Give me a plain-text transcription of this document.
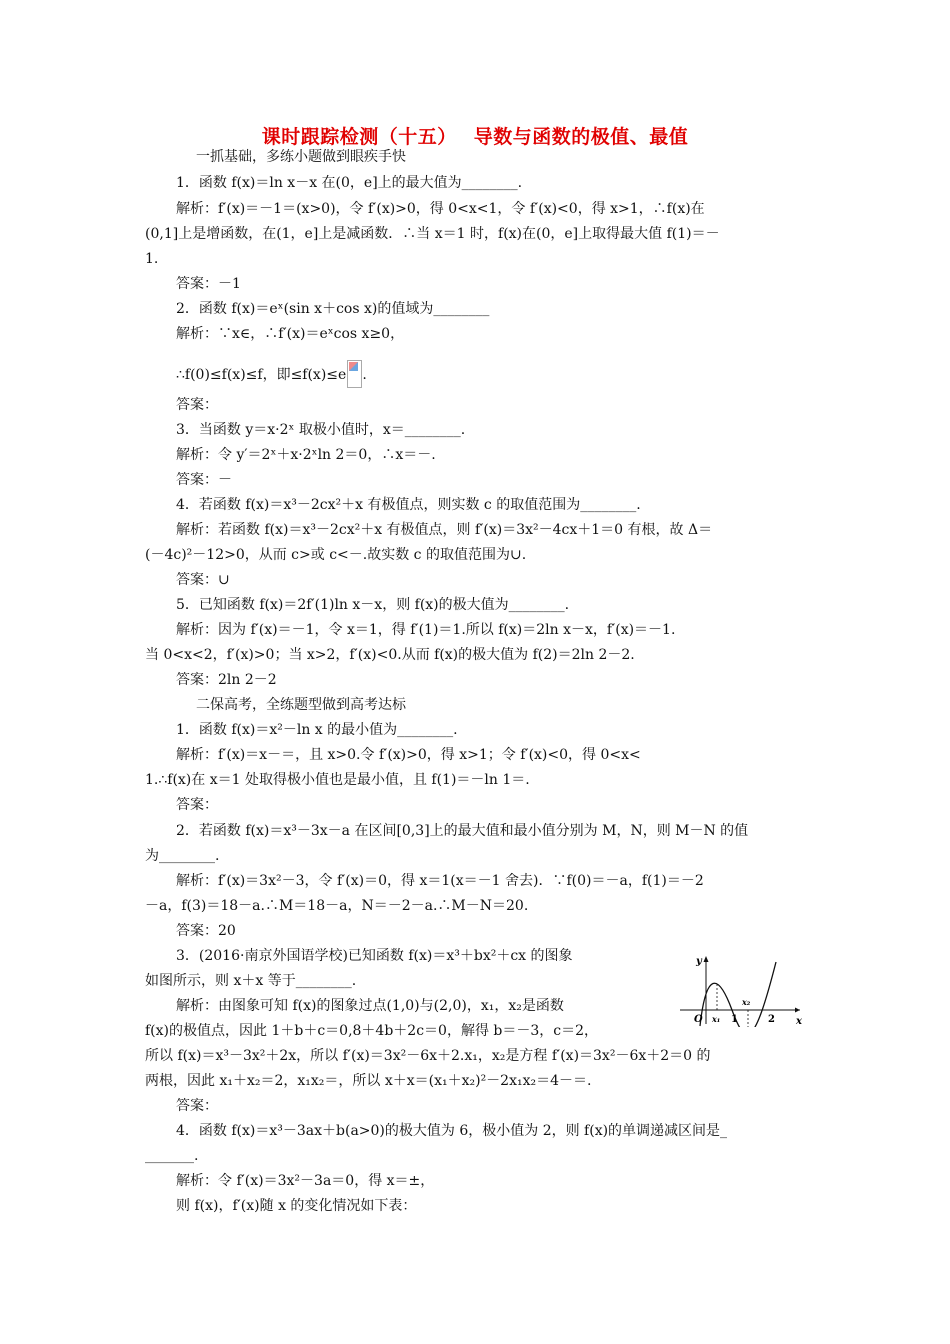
课时跟踪检测（十五）　 导数与函数的极值、最值
一抓基础，多练小题做到眼疾手快
1．函数 f(x)＝ln x－x 在(0，e]上的最大值为________.
解析：f′(x)＝－1＝(x>0)，令 f′(x)>0，得 0<x<1，令 f′(x)<0，得 x>1，∴f(x)在
(0,1]上是增函数，在(1，e]上是减函数．∴当 x＝1 时，f(x)在(0，e]上取得最大值 f(1)＝－
1.
答案：－1
2．函数 f(x)＝eˣ(sin x＋cos x)的值域为________
解析：∵x∈，∴f′(x)＝eˣcos x≥0，
∴f(0)≤f(x)≤f，即≤f(x)≤e .
答案：
3．当函数 y＝x·2ˣ 取极小值时，x＝________.
解析：令 y′＝2ˣ＋x·2ˣln 2＝0，∴x＝－.
答案：－
4．若函数 f(x)＝x³－2cx²＋x 有极值点，则实数 c 的取值范围为________.
解析：若函数 f(x)＝x³－2cx²＋x 有极值点，则 f′(x)＝3x²－4cx＋1＝0 有根，故 Δ＝
(－4c)²－12>0，从而 c>或 c<－.故实数 c 的取值范围为∪.
答案：∪
5．已知函数 f(x)＝2f′(1)ln x－x，则 f(x)的极大值为________.
解析：因为 f′(x)＝－1，令 x＝1，得 f′(1)＝1.所以 f(x)＝2ln x－x，f′(x)＝－1.
当 0<x<2，f′(x)>0；当 x>2，f′(x)<0.从而 f(x)的极大值为 f(2)＝2ln 2－2.
答案：2ln 2－2
二保高考，全练题型做到高考达标
1．函数 f(x)＝x²－ln x 的最小值为________.
解析：f′(x)＝x－＝，且 x>0.令 f′(x)>0，得 x>1；令 f′(x)<0，得 0<x<
1.∴f(x)在 x＝1 处取得极小值也是最小值，且 f(1)＝－ln 1＝.
答案：
2．若函数 f(x)＝x³－3x－a 在区间[0,3]上的最大值和最小值分别为 M，N，则 M－N 的值
为________.
解析：f′(x)＝3x²－3，令 f′(x)＝0，得 x＝1(x＝－1 舍去)．∵f(0)＝－a，f(1)＝－2
－a，f(3)＝18－a.∴M＝18－a，N＝－2－a.∴M－N＝20.
答案：20
3．(2016·南京外国语学校)已知函数 f(x)＝x³＋bx²＋cx 的图象
如图所示，则 x＋x 等于________.
解析：由图象可知 f(x)的图象过点(1,0)与(2,0)，x₁，x₂是函数
f(x)的极值点，因此 1＋b＋c＝0,8＋4b＋2c＝0，解得 b＝－3，c＝2，
所以 f(x)＝x³－3x²＋2x，所以 f′(x)＝3x²－6x＋2.x₁，x₂是方程 f′(x)＝3x²－6x＋2＝0 的
两根，因此 x₁＋x₂＝2，x₁x₂＝，所以 x＋x＝(x₁＋x₂)²－2x₁x₂＝4－＝.
答案：
4．函数 f(x)＝x³－3ax＋b(a>0)的极大值为 6，极小值为 2，则 f(x)的单调递减区间是_
_______.
解析：令 f′(x)＝3x²－3a＝0，得 x＝±，
则 f(x)，f′(x)随 x 的变化情况如下表：
y
x
O x₁ 1
x₂
2
